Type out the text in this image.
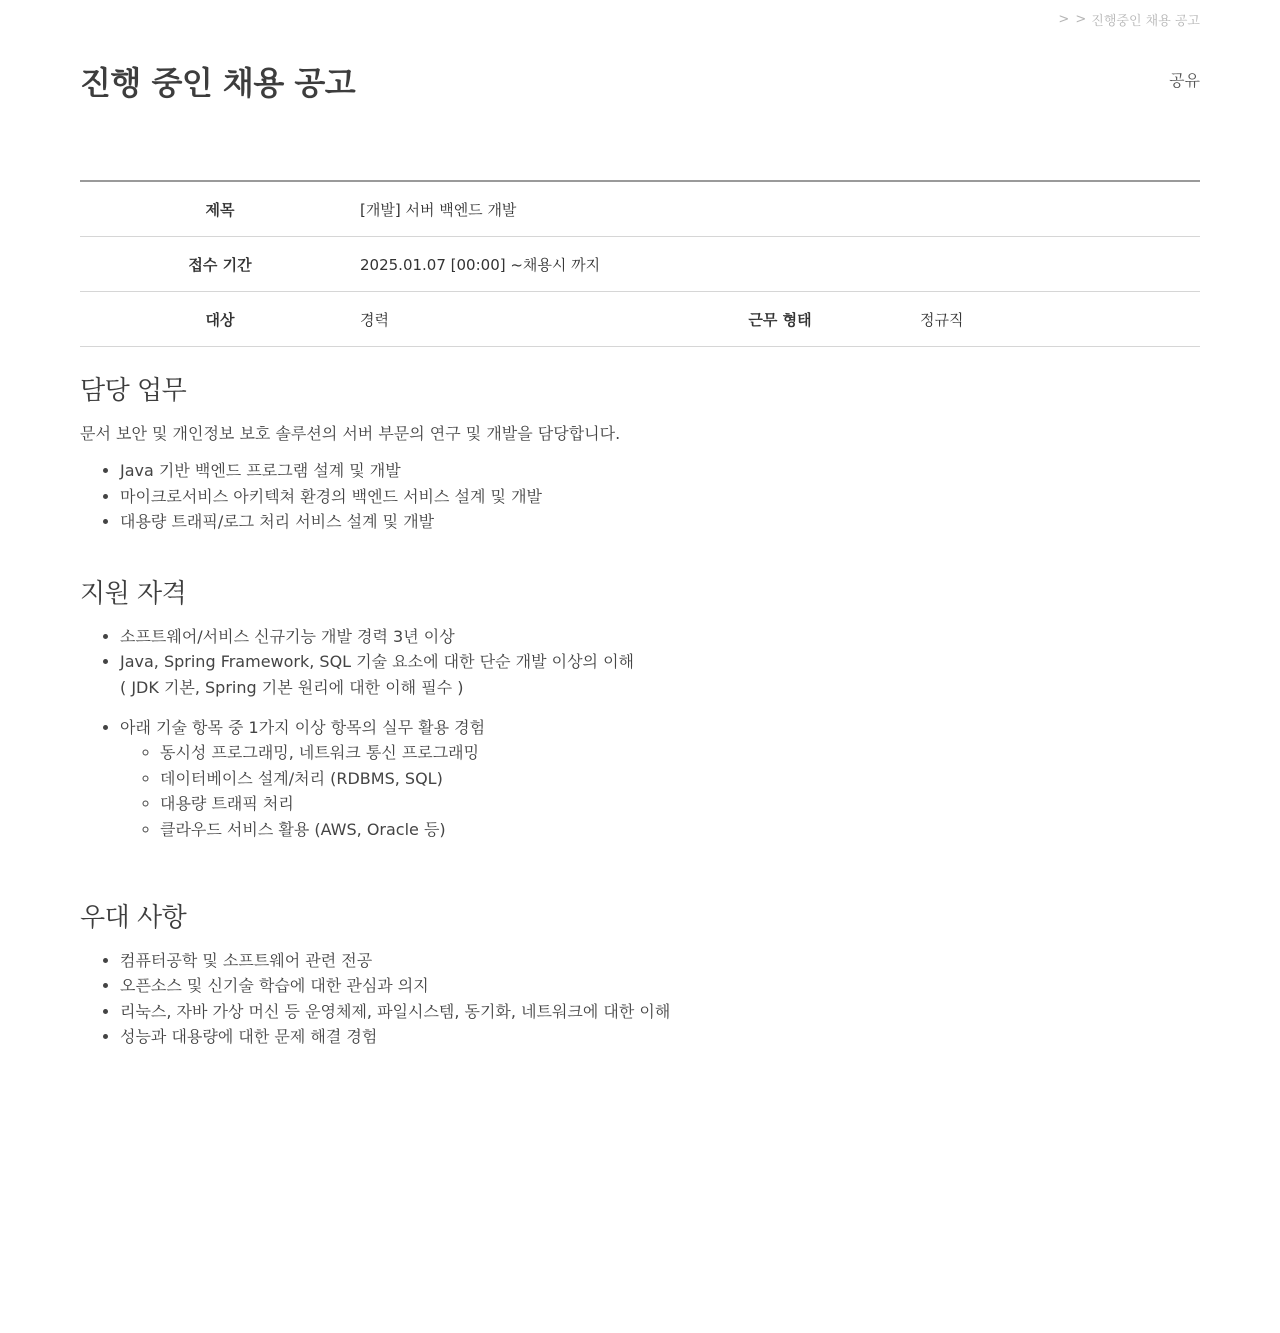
> > 진행중인 채용 공고
진행 중인 채용 공고	공유
제목	[개발] 서버 백엔드 개발
접수 기간	2025.01.07 [00:00] ~채용시 까지
대상	경력	근무 형태	정규직
담당 업무

문서 보안 및 개인정보 보호 솔루션의 서버 부문의 연구 및 개발을 담당합니다.

• Java 기반 백엔드 프로그램 설계 및 개발
• 마이크로서비스 아키텍쳐 환경의 백엔드 서비스 설계 및 개발
• 대용량 트래픽/로그 처리 서비스 설계 및 개발
지원 자격
• 소프트웨어/서비스 신규기능 개발 경력 3년 이상
• Java, Spring Framework, SQL 기술 요소에 대한 단순 개발 이상의 이해

( JDK 기본, Spring 기본 원리에 대한 이해 필수 )
• 아래 기술 항목 중 1가지 이상 항목의 실무 활용 경험
◦ 동시성 프로그래밍, 네트워크 통신 프로그래밍
◦ 데이터베이스 설계/처리 (RDBMS, SQL)
◦ 대용량 트래픽 처리
◦ 클라우드 서비스 활용 (AWS, Oracle 등)
우대 사항
• 컴퓨터공학 및 소프트웨어 관련 전공
• 오픈소스 및 신기술 학습에 대한 관심과 의지
• 리눅스, 자바 가상 머신 등 운영체제, 파일시스템, 동기화, 네트워크에 대한 이해
• 성능과 대용량에 대한 문제 해결 경험
